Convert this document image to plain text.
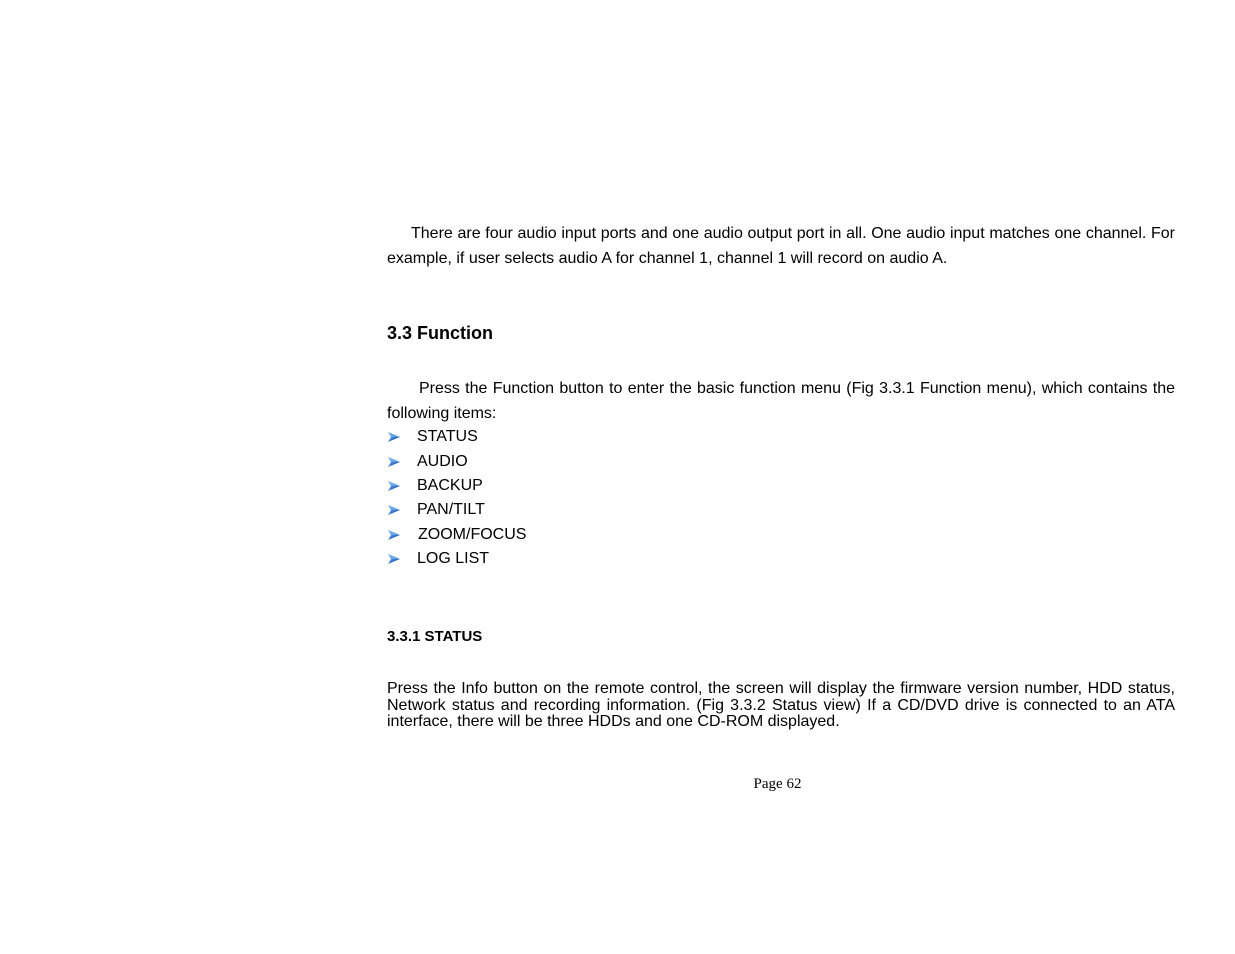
There are four audio input ports and one audio output port in all. One audio input matches one channel. For example, if user selects audio A for channel 1, channel 1 will record on audio A.

3.3 Function

Press the Function button to enter the basic function menu (Fig 3.3.1 Function menu), which contains the following items:

STATUS
AUDIO
BACKUP
PAN/TILT
ZOOM/FOCUS
LOG LIST
3.3.1 STATUS

Press the Info button on the remote control, the screen will display the firmware version number, HDD status, Network status and recording information. (Fig 3.3.2 Status view) If a CD/DVD drive is connected to an ATA interface, there will be three HDDs and one CD-ROM displayed.

Page 62
